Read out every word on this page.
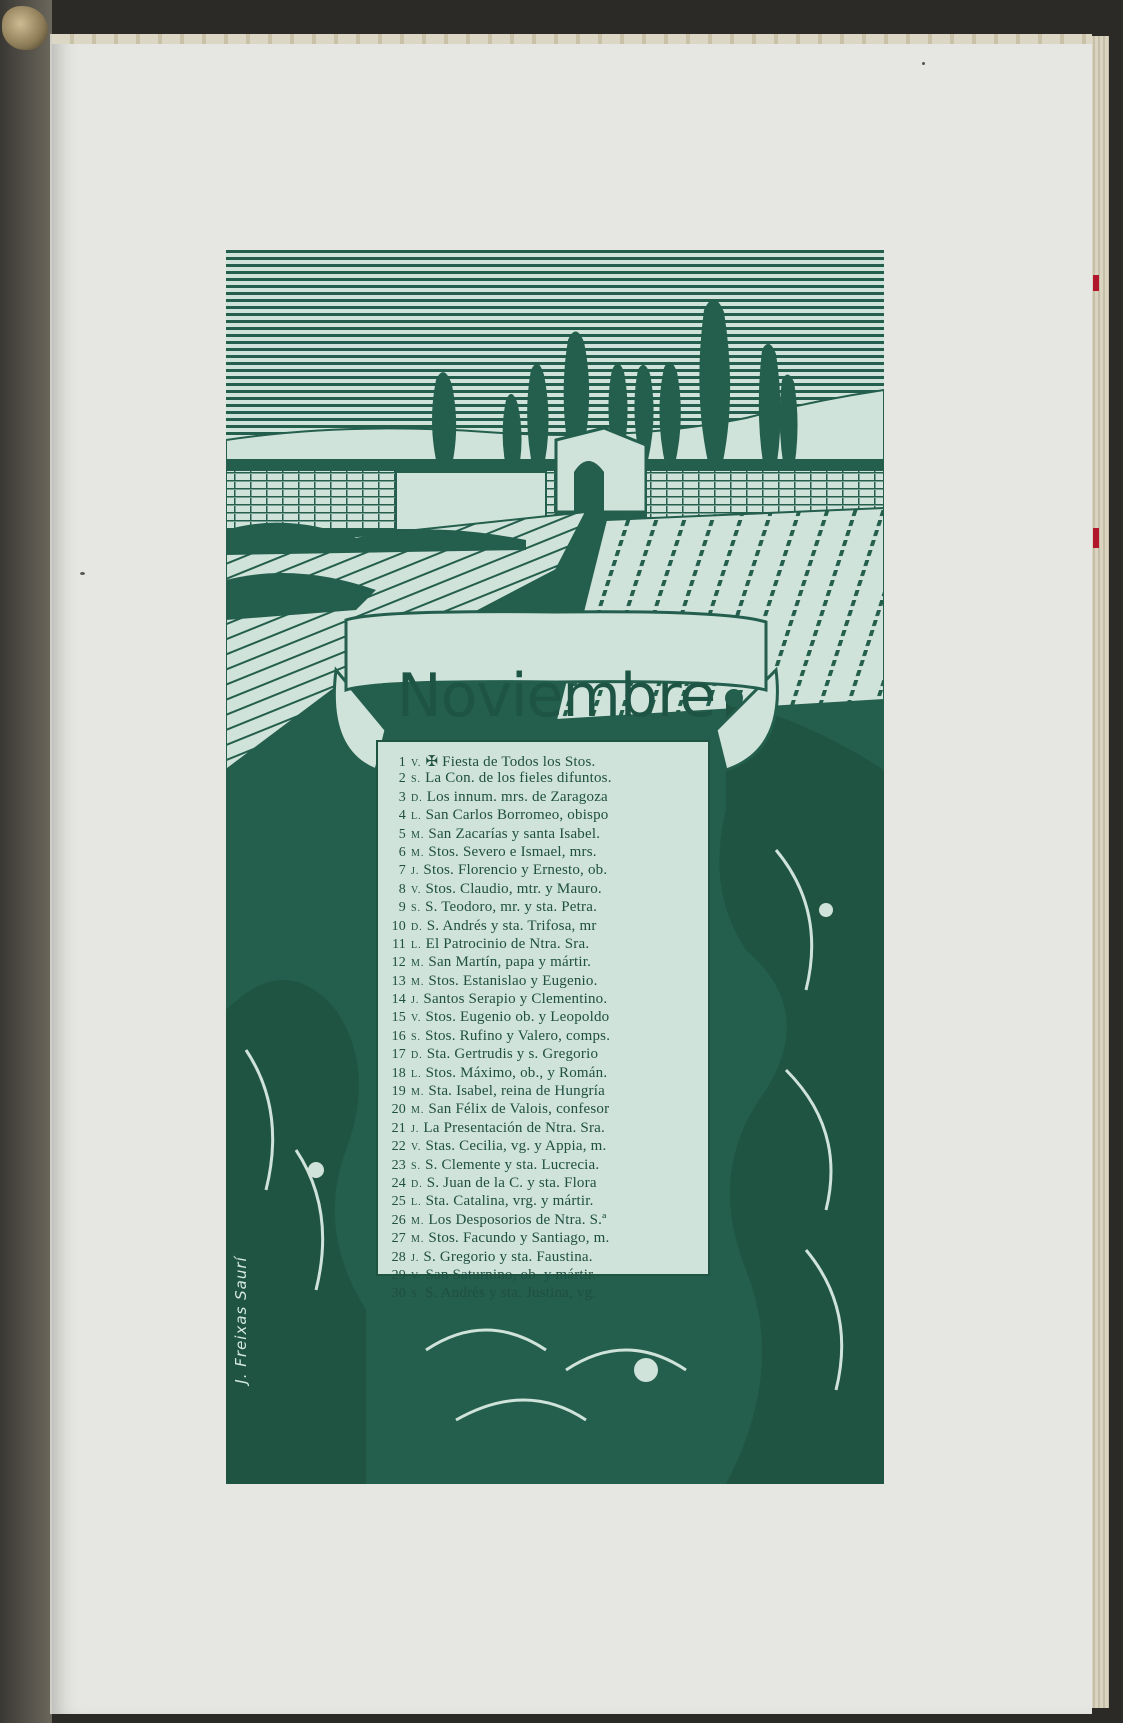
Noviembre
1 V. ✠ Fiesta de Todos los Stos.
2 S. La Con. de los fieles difuntos.
3 D. Los innum. mrs. de Zaragoza
4 L. San Carlos Borromeo, obispo
5 M. San Zacarías y santa Isabel.
6 M. Stos. Severo e Ismael, mrs.
7 J. Stos. Florencio y Ernesto, ob.
8 V. Stos. Claudio, mtr. y Mauro.
9 S. S. Teodoro, mr. y sta. Petra.
10 D. S. Andrés y sta. Trifosa, mr
11 L. El Patrocinio de Ntra. Sra.
12 M. San Martín, papa y mártir.
13 M. Stos. Estanislao y Eugenio.
14 J. Santos Serapio y Clementino.
15 V. Stos. Eugenio ob. y Leopoldo
16 S. Stos. Rufino y Valero, comps.
17 D. Sta. Gertrudis y s. Gregorio
18 L. Stos. Máximo, ob., y Román.
19 M. Sta. Isabel, reina de Hungría
20 M. San Félix de Valois, confesor
21 J. La Presentación de Ntra. Sra.
22 V. Stas. Cecilia, vg. y Appia, m.
23 S. S. Clemente y sta. Lucrecia.
24 D. S. Juan de la C. y sta. Flora
25 L. Sta. Catalina, vrg. y mártir.
26 M. Los Desposorios de Ntra. S.ª
27 M. Stos. Facundo y Santiago, m.
28 J. S. Gregorio y sta. Faustina.
29 V. San Saturnino, ob. y mártir.
30 S. S. Andrés y sta. Justina, vg.
J. Freixas Saurí
